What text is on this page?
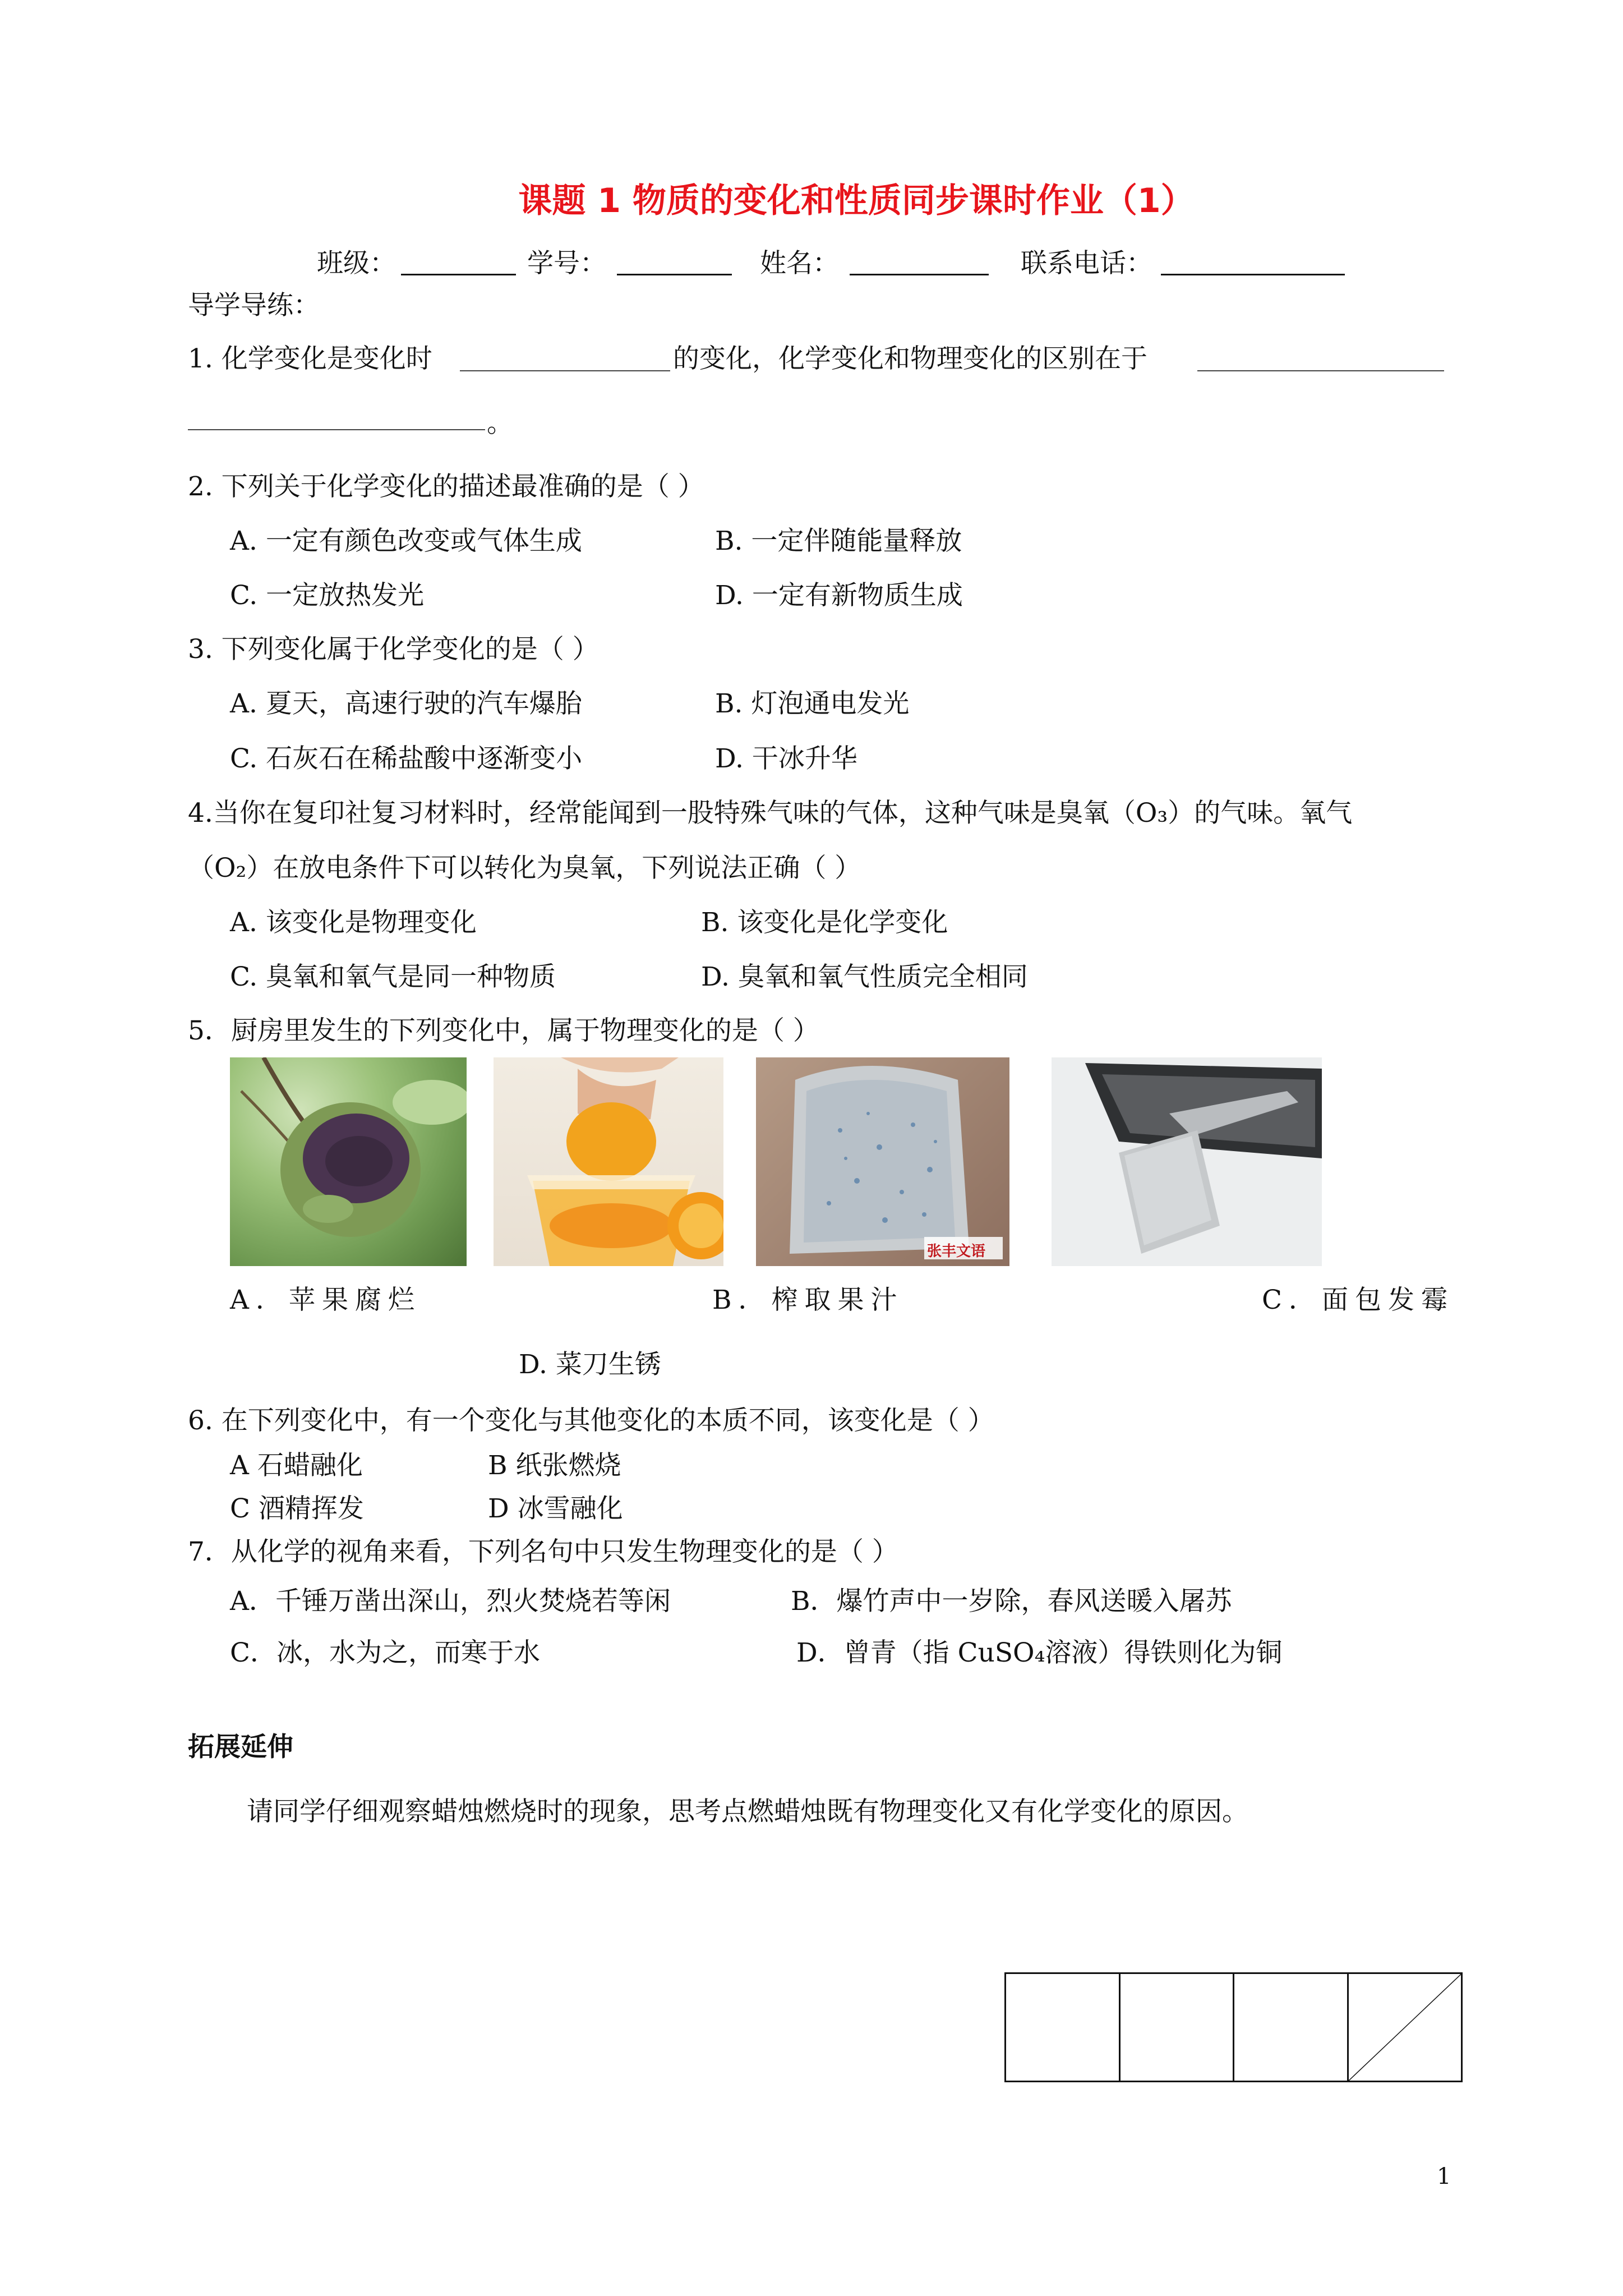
课题 1 物质的变化和性质同步课时作业（1）
班级：	学号：	姓名：	联系电话：
导学导练：
1. 化学变化是变化时	的变化，化学变化和物理变化的区别在于
。
2. 下列关于化学变化的描述最准确的是（ ）
A. 一定有颜色改变或气体生成	B. 一定伴随能量释放
C. 一定放热发光	D. 一定有新物质生成
3. 下列变化属于化学变化的是（ ）
A. 夏天，高速行驶的汽车爆胎	B. 灯泡通电发光
C. 石灰石在稀盐酸中逐渐变小	D. 干冰升华
4.当你在复印社复习材料时，经常能闻到一股特殊气味的气体，这种气味是臭氧（O₃）的气味。氧气
（O₂）在放电条件下可以转化为臭氧，下列说法正确（ ）
A. 该变化是物理变化	B. 该变化是化学变化
C. 臭氧和氧气是同一种物质	D. 臭氧和氧气性质完全相同
5．厨房里发生的下列变化中，属于物理变化的是（ ）
张丰文语
A．苹果腐烂	B．榨取果汁	C．面包发霉
D. 菜刀生锈
6. 在下列变化中，有一个变化与其他变化的本质不同，该变化是（ ）
A 石蜡融化	B 纸张燃烧
C 酒精挥发	D 冰雪融化
7．从化学的视角来看，下列名句中只发生物理变化的是（ ）
A．千锤万凿出深山，烈火焚烧若等闲	B．爆竹声中一岁除，春风送暖入屠苏
C．冰，水为之，而寒于水	D．曾青（指 CuSO₄溶液）得铁则化为铜
拓展延伸
请同学仔细观察蜡烛燃烧时的现象，思考点燃蜡烛既有物理变化又有化学变化的原因。
1
